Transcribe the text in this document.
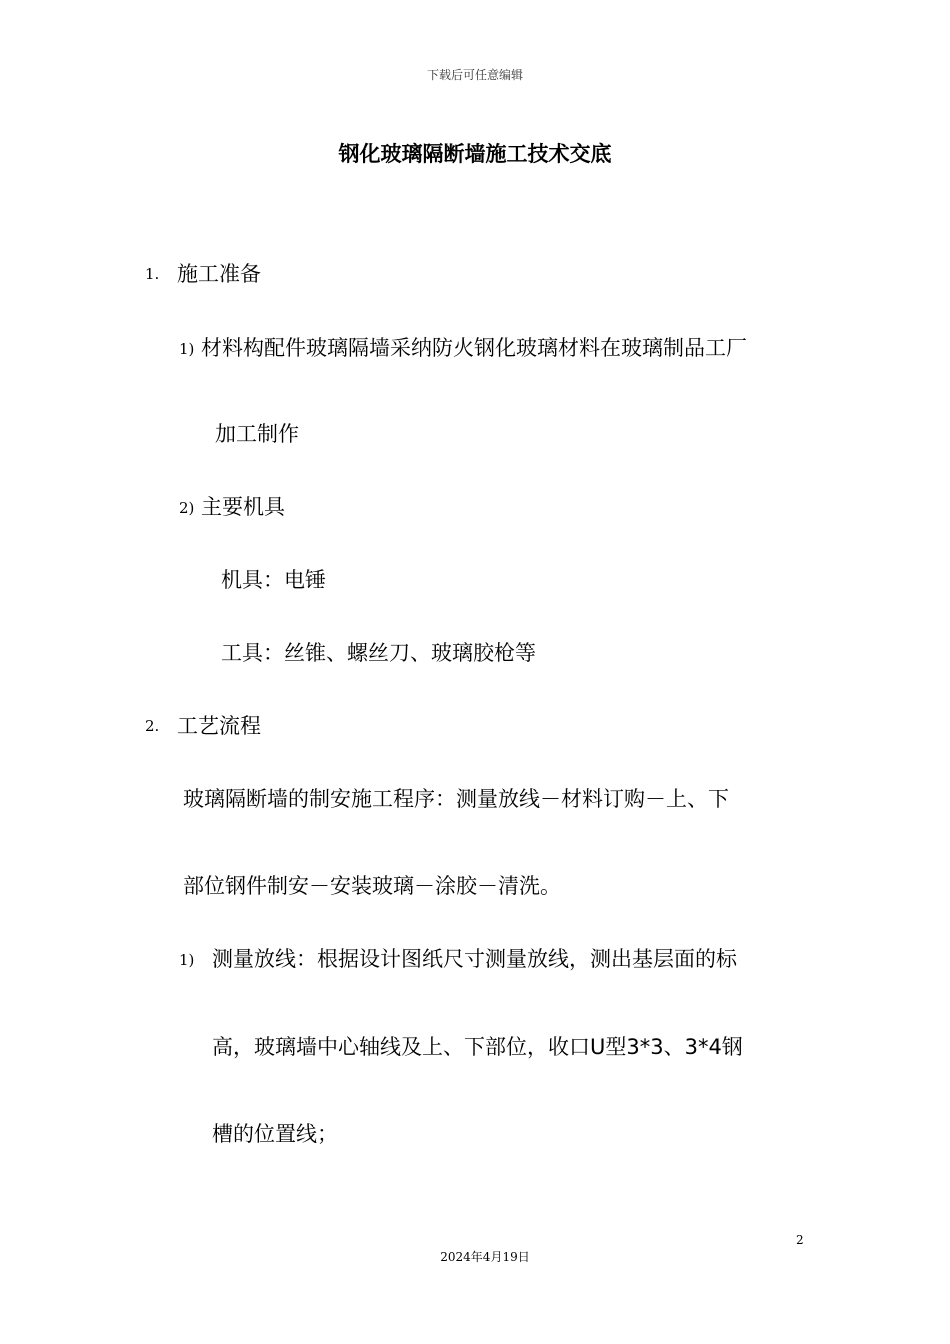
下载后可任意编辑
钢化玻璃隔断墙施工技术交底
1. 施工准备
1) 材料构配件玻璃隔墙采纳防火钢化玻璃材料在玻璃制品工厂
加工制作
2) 主要机具
机具：电锤
工具：丝锥、螺丝刀、玻璃胶枪等
2. 工艺流程
玻璃隔断墙的制安施工程序：测量放线－材料订购－上、下
部位钢件制安－安装玻璃－涂胶－清洗。
1) 测量放线：根据设计图纸尺寸测量放线，测出基层面的标
高，玻璃墙中心轴线及上、下部位，收口U型3*3、3*4钢
槽的位置线；
2
2024年4月19日
